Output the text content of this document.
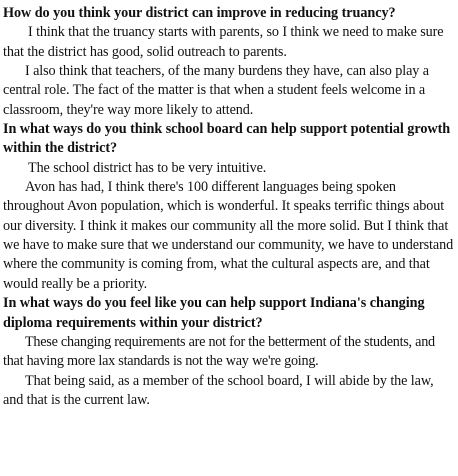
How do you think your district can improve in reducing truancy?

I think that the truancy starts with parents, so I think we need to make sure that the district has good, solid outreach to parents.

I also think that teachers, of the many burdens they have, can also play a central role. The fact of the matter is that when a student feels welcome in a classroom, they're way more likely to attend.

In what ways do you think school board can help support potential growth within the district?

The school district has to be very intuitive.

Avon has had, I think there's 100 different languages being spoken throughout Avon population, which is wonderful. It speaks terrific things about our diversity. I think it makes our community all the more solid. But I think that we have to make sure that we understand our community, we have to understand where the community is coming from, what the cultural aspects are, and that would really be a priority.

In what ways do you feel like you can help support Indiana's changing diploma requirements within your district?

These changing requirements are not for the betterment of the students, and that having more lax standards is not the way we're going.

That being said, as a member of the school board, I will abide by the law, and that is the current law.
